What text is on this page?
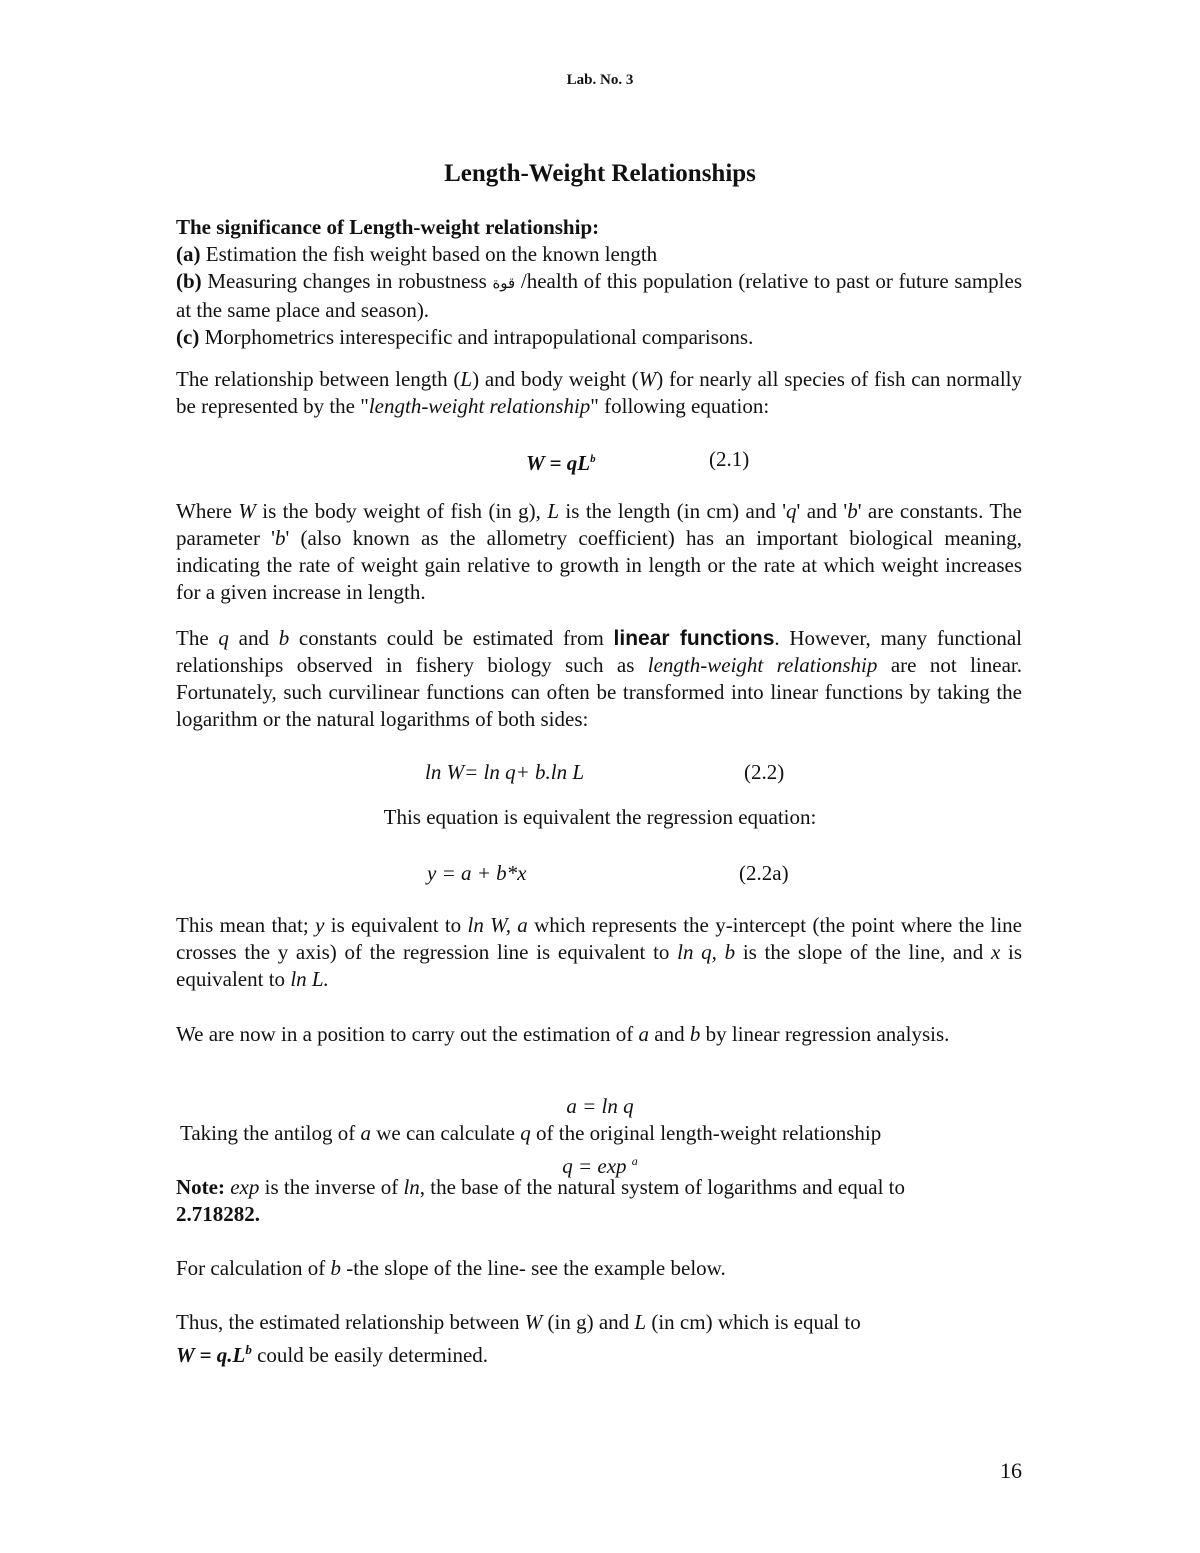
Lab. No. 3
Length-Weight Relationships
The significance of Length-weight relationship:
(a) Estimation the fish weight based on the known length
(b) Measuring changes in robustness قوة /health of this population (relative to past or future samples at the same place and season).
(c) Morphometrics interespecific and intrapopulational comparisons.
The relationship between length (L) and body weight (W) for nearly all species of fish can normally be represented by the "length-weight relationship" following equation:
$W = qL^b$	(2.1)
Where W is the body weight of fish (in g), L is the length (in cm) and 'q' and 'b' are constants. The parameter 'b' (also known as the allometry coefficient) has an important biological meaning, indicating the rate of weight gain relative to growth in length or the rate at which weight increases for a given increase in length.
The q and b constants could be estimated from linear functions. However, many functional relationships observed in fishery biology such as length-weight relationship are not linear. Fortunately, such curvilinear functions can often be transformed into linear functions by taking the logarithm or the natural logarithms of both sides:
ln W= ln q+ b.ln L	(2.2)
This equation is equivalent the regression equation:
y = a + b*x	(2.2a)
This mean that; y is equivalent to ln W, a which represents the y-intercept (the point where the line crosses the y axis) of the regression line is equivalent to ln q, b is the slope of the line, and x is equivalent to ln L.
We are now in a position to carry out the estimation of a and b by linear regression analysis.
a = ln q
Taking the antilog of a we can calculate q of the original length-weight relationship
q = exp $^a$
Note: exp is the inverse of ln, the base of the natural system of logarithms and equal to
2.718282.
For calculation of b -the slope of the line- see the example below.
Thus, the estimated relationship between W (in g) and L (in cm) which is equal to
$W = q.L^b$ could be easily determined.
16
